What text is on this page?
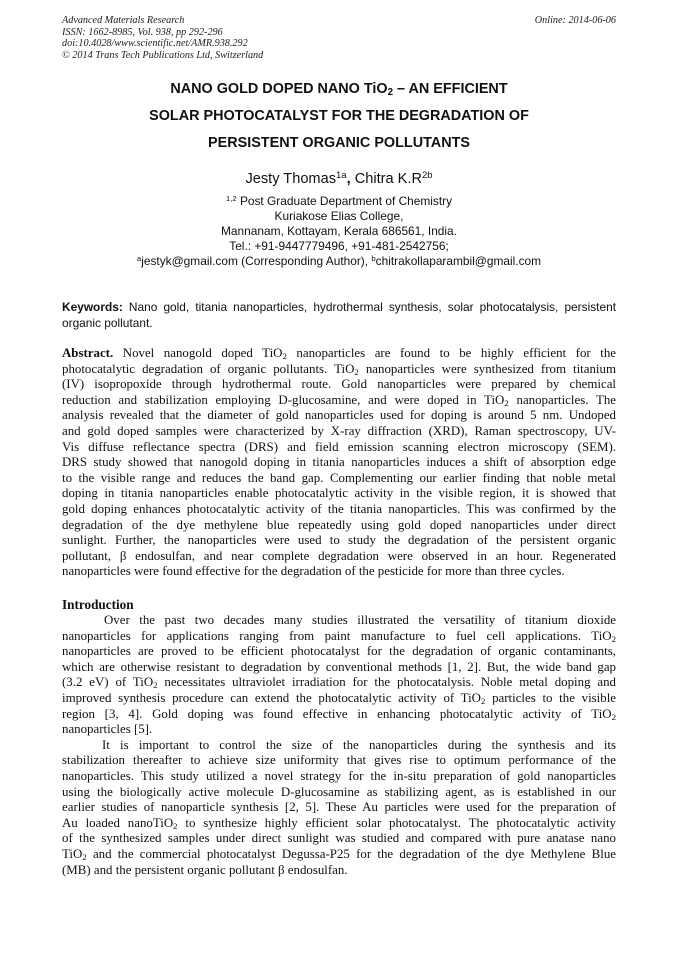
Advanced Materials Research
ISSN: 1662-8985, Vol. 938, pp 292-296
doi:10.4028/www.scientific.net/AMR.938.292
© 2014 Trans Tech Publications Ltd, Switzerland
Online: 2014-06-06
NANO GOLD DOPED NANO TiO$_2$ – AN EFFICIENT
SOLAR PHOTOCATALYST FOR THE DEGRADATION OF
PERSISTENT ORGANIC POLLUTANTS
Jesty Thomas$^{1a}$, Chitra $K.R^{2b}$
$^{1,2}$ Post Graduate Department of Chemistry
Kuriakose Elias College,
Mannanam, Kottayam, Kerala 686561, India.
Tel.: +91-9447779496, +91-481-2542756;
$^a$jestyk@gmail.com (Corresponding Author), $^b$chitrakollaparambil@gmail.com
Keywords: Nano gold, titania nanoparticles, hydrothermal synthesis, solar photocatalysis, persistent organic pollutant.
Abstract. Novel nanogold doped TiO$_2$ nanoparticles are found to be highly efficient for the
photocatalytic degradation of organic pollutants. TiO$_2$ nanoparticles were synthesized from titanium
(IV) isopropoxide through hydrothermal route. Gold nanoparticles were prepared by chemical
reduction and stabilization employing D-glucosamine, and were doped in TiO$_2$ nanoparticles. The
analysis revealed that the diameter of gold nanoparticles used for doping is around 5 nm. Undoped
and gold doped samples were characterized by X-ray diffraction (XRD), Raman spectroscopy, UV-
Vis diffuse reflectance spectra (DRS) and field emission scanning electron microscopy (SEM).
DRS study showed that nanogold doping in titania nanoparticles induces a shift of absorption edge
to the visible range and reduces the band gap. Complementing our earlier finding that noble metal
doping in titania nanoparticles enable photocatalytic activity in the visible region, it is showed that
gold doping enhances photocatalytic activity of the titania nanoparticles. This was confirmed by the
degradation of the dye methylene blue repeatedly using gold doped nanoparticles under direct
sunlight. Further, the nanoparticles were used to study the degradation of the persistent organic
pollutant, β endosulfan, and near complete degradation were observed in an hour. Regenerated
nanoparticles were found effective for the degradation of the pesticide for more than three cycles.
Introduction
Over the past two decades many studies illustrated the versatility of titanium dioxide
nanoparticles for applications ranging from paint manufacture to fuel cell applications. TiO$_2$
nanoparticles are proved to be efficient photocatalyst for the degradation of organic contaminants,
which are otherwise resistant to degradation by conventional methods [1, 2]. But, the wide band gap
(3.2 eV) of TiO$_2$ necessitates ultraviolet irradiation for the photocatalysis. Noble metal doping and
improved synthesis procedure can extend the photocatalytic activity of TiO$_2$ particles to the visible
region [3, 4]. Gold doping was found effective in enhancing photocatalytic activity of TiO$_2$
nanoparticles [5].
It is important to control the size of the nanoparticles during the synthesis and its
stabilization thereafter to achieve size uniformity that gives rise to optimum performance of the
nanoparticles. This study utilized a novel strategy for the in-situ preparation of gold nanoparticles
using the biologically active molecule D-glucosamine as stabilizing agent, as is established in our
earlier studies of nanoparticle synthesis [2, 5]. These Au particles were used for the preparation of
Au loaded nanoTiO$_2$ to synthesize highly efficient solar photocatalyst. The photocatalytic activity
of the synthesized samples under direct sunlight was studied and compared with pure anatase nano
TiO$_2$ and the commercial photocatalyst Degussa-P25 for the degradation of the dye Methylene Blue
(MB) and the persistent organic pollutant β endosulfan.
